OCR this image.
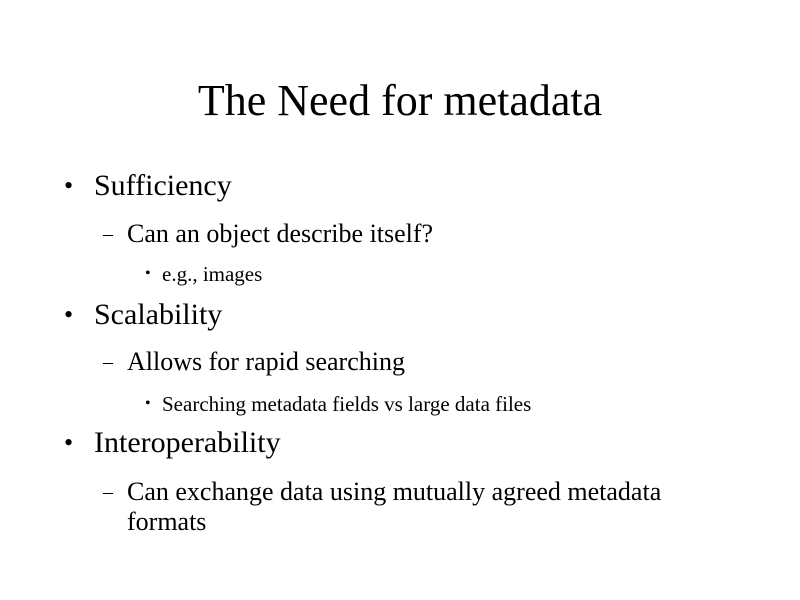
The Need for metadata
• Sufficiency
– Can an object describe itself?
• e.g., images
• Scalability
– Allows for rapid searching
• Searching metadata fields vs large data files
• Interoperability
– Can exchange data using mutually agreed metadata formats
